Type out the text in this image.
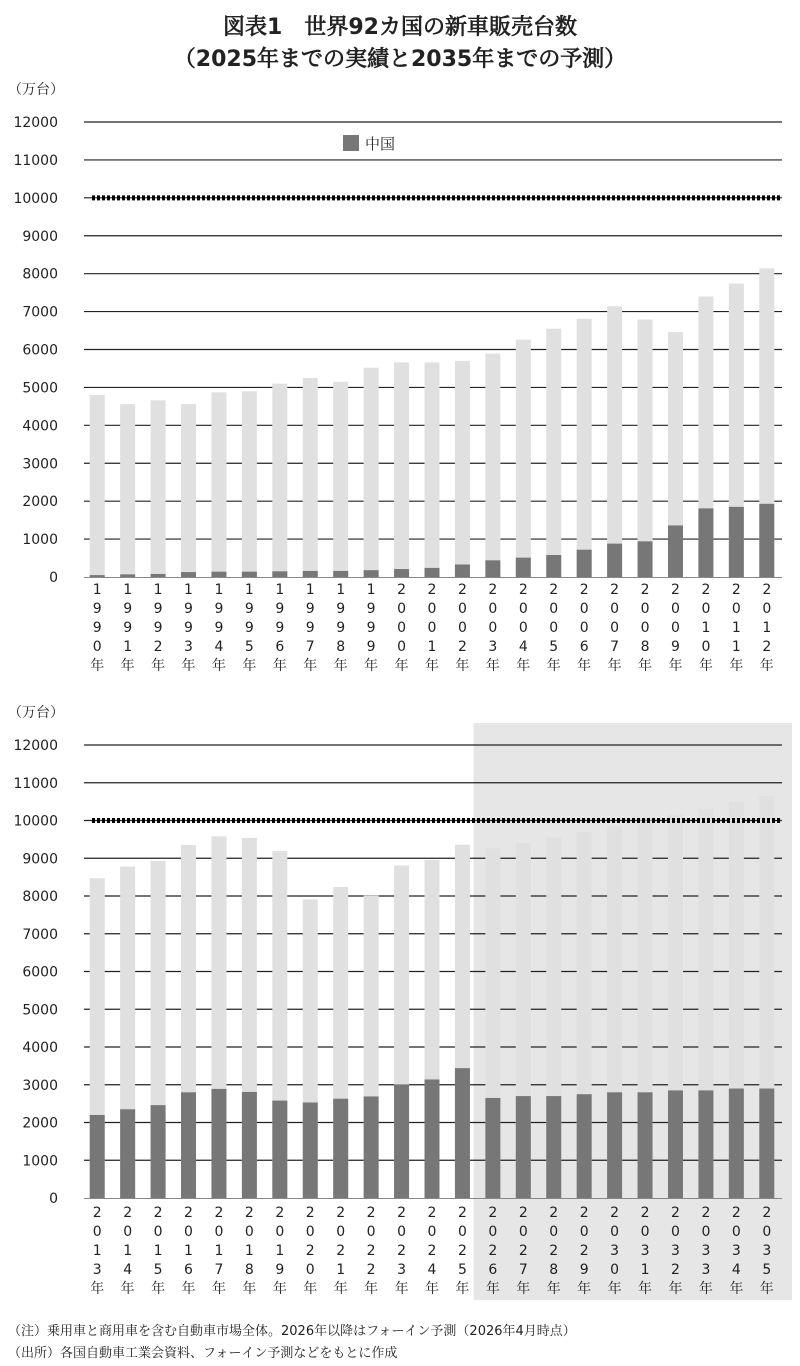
図表1　世界92カ国の新車販売台数
（2025年までの実績と2035年までの予測）
（万台）
0
1000
2000
3000
4000
5000
6000
7000
8000
9000
10000
11000
12000
1 9 9 0 年
1 9 9 1 年
1 9 9 2 年
1 9 9 3 年
1 9 9 4 年
1 9 9 5 年
1 9 9 6 年
1 9 9 7 年
1 9 9 8 年
1 9 9 9 年
2 0 0 0 年
2 0 0 1 年
2 0 0 2 年
2 0 0 3 年
2 0 0 4 年
2 0 0 5 年
2 0 0 6 年
2 0 0 7 年
2 0 0 8 年
2 0 0 9 年
2 0 1 0 年
2 0 1 1 年
2 0 1 2 年
中国
（万台）
0
1000
2000
3000
4000
5000
6000
7000
8000
9000
10000
11000
12000
2 0 1 3 年
2 0 1 4 年
2 0 1 5 年
2 0 1 6 年
2 0 1 7 年
2 0 1 8 年
2 0 1 9 年
2 0 2 0 年
2 0 2 1 年
2 0 2 2 年
2 0 2 3 年
2 0 2 4 年
2 0 2 5 年
2 0 2 6 年
2 0 2 7 年
2 0 2 8 年
2 0 2 9 年
2 0 3 0 年
2 0 3 1 年
2 0 3 2 年
2 0 3 3 年
2 0 3 4 年
2 0 3 5 年
（注）乗用車と商用車を含む自動車市場全体。2026年以降はフォーイン予測（2026年4月時点）
（出所）各国自動車工業会資料、フォーイン予測などをもとに作成
